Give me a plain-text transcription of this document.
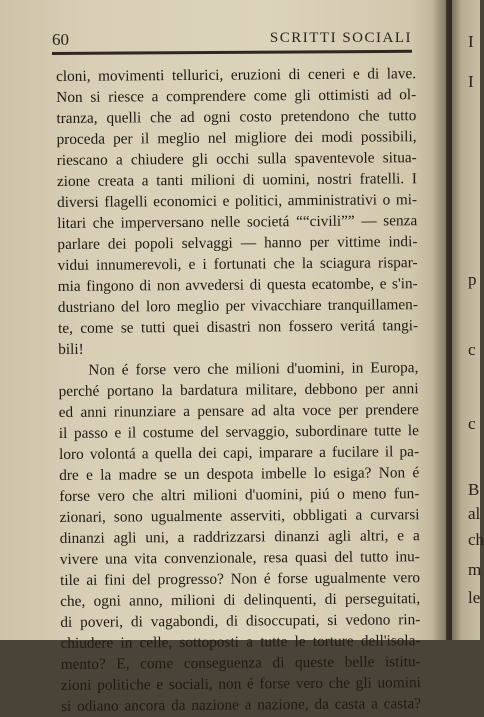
60	SCRITTI SOCIALI
cloni, movimenti tellurici, eruzioni di ceneri e di lave.
Non si riesce a comprendere come gli ottimisti ad ol-
tranza, quelli che ad ogni costo pretendono che tutto
proceda per il meglio nel migliore dei modi possibili,
riescano a chiudere gli occhi sulla spaventevole situa-
zione creata a tanti milioni di uomini, nostri fratelli. I
diversi flagelli economici e politici, amministrativi o mi-
litari che imperversano nelle societá ““civili”” — senza
parlare dei popoli selvaggi — hanno per vittime indi-
vidui innumerevoli, e i fortunati che la sciagura rispar-
mia fingono di non avvedersi di questa ecatombe, e s'in-
dustriano del loro meglio per vivacchiare tranquillamen-
te, come se tutti quei disastri non fossero veritá tangi-
bili!
Non é forse vero che milioni d'uomini, in Europa,
perché portano la bardatura militare, debbono per anni
ed anni rinunziare a pensare ad alta voce per prendere
il passo e il costume del servaggio, subordinare tutte le
loro volontá a quella dei capi, imparare a fucilare il pa-
dre e la madre se un despota imbelle lo esiga? Non é
forse vero che altri milioni d'uomini, piú o meno fun-
zionari, sono ugualmente asserviti, obbligati a curvarsi
dinanzi agli uni, a raddrizzarsi dinanzi agli altri, e a
vivere una vita convenzionale, resa quasi del tutto inu-
tile ai fini del progresso? Non é forse ugualmente vero
che, ogni anno, milioni di delinquenti, di perseguitati,
di poveri, di vagabondi, di disoccupati, si vedono rin-
chiudere in celle, sottoposti a tutte le torture dell'isola-
mento? E, come conseguenza di queste belle istitu-
zioni politiche e sociali, non é forse vero che gli uomini
si odiano ancora da nazione a nazione, da casta a casta?
I
I
p
c
c
B
al
ch
m
le
